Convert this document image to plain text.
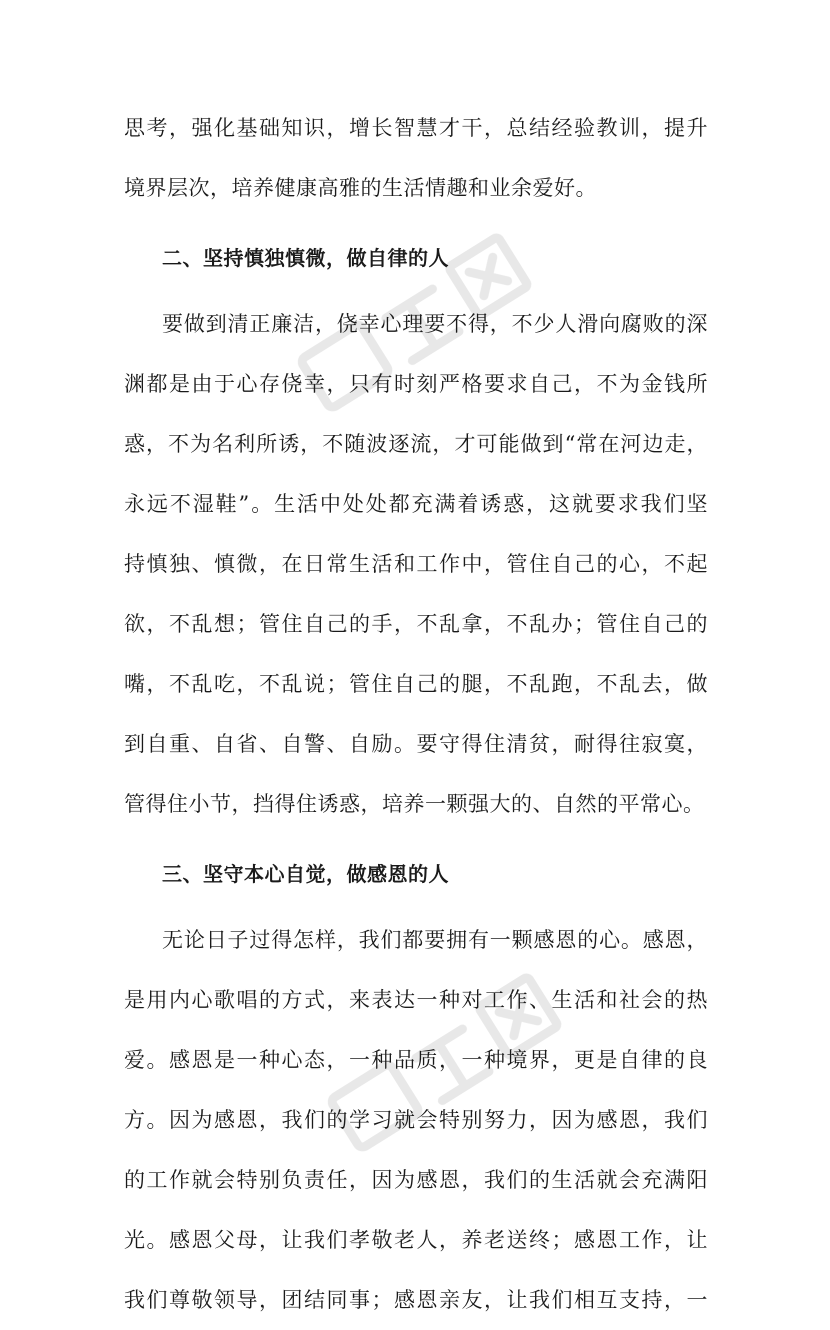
思考，强化基础知识，增长智慧才干，总结经验教训，提升
境界层次，培养健康高雅的生活情趣和业余爱好。
二、坚持慎独慎微，做自律的人
要做到清正廉洁，侥幸心理要不得，不少人滑向腐败的深
渊都是由于心存侥幸，只有时刻严格要求自己，不为金钱所
惑，不为名利所诱，不随波逐流，才可能做到“常在河边走，
永远不湿鞋”。生活中处处都充满着诱惑，这就要求我们坚
持慎独、慎微，在日常生活和工作中，管住自己的心，不起
欲，不乱想；管住自己的手，不乱拿，不乱办；管住自己的
嘴，不乱吃，不乱说；管住自己的腿，不乱跑，不乱去，做
到自重、自省、自警、自励。要守得住清贫，耐得往寂寞，
管得住小节，挡得住诱惑，培养一颗强大的、自然的平常心。
三、坚守本心自觉，做感恩的人
无论日子过得怎样，我们都要拥有一颗感恩的心。感恩，
是用内心歌唱的方式，来表达一种对工作、生活和社会的热
爱。感恩是一种心态，一种品质，一种境界，更是自律的良
方。因为感恩，我们的学习就会特别努力，因为感恩，我们
的工作就会特别负责任，因为感恩，我们的生活就会充满阳
光。感恩父母，让我们孝敬老人，养老送终；感恩工作，让
我们尊敬领导，团结同事；感恩亲友，让我们相互支持，一
